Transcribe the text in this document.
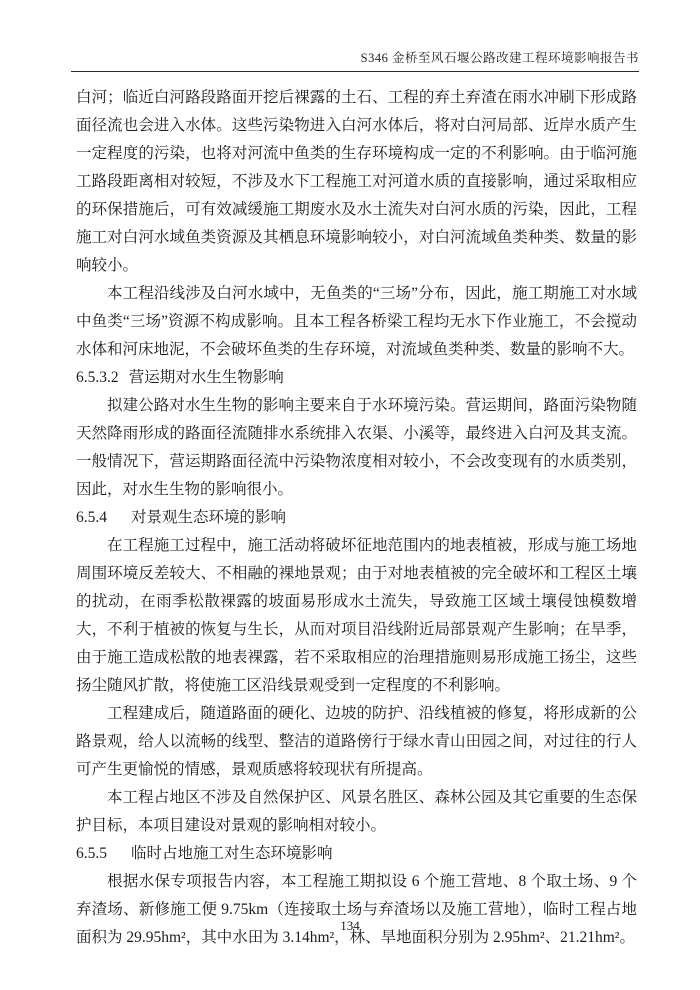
S346 金桥至风石堰公路改建工程环境影响报告书

白河；临近白河路段路面开挖后裸露的土石、工程的弃土弃渣在雨水冲刷下形成路面径流也会进入水体。这些污染物进入白河水体后，将对白河局部、近岸水质产生一定程度的污染，也将对河流中鱼类的生存环境构成一定的不利影响。由于临河施工路段距离相对较短，不涉及水下工程施工对河道水质的直接影响，通过采取相应的环保措施后，可有效减缓施工期废水及水土流失对白河水质的污染，因此，工程施工对白河水域鱼类资源及其栖息环境影响较小，对白河流域鱼类种类、数量的影响较小。

本工程沿线涉及白河水域中，无鱼类的“三场”分布，因此，施工期施工对水域中鱼类“三场”资源不构成影响。且本工程各桥梁工程均无水下作业施工，不会搅动水体和河床地泥，不会破坏鱼类的生存环境，对流域鱼类种类、数量的影响不大。

6.5.3.2 营运期对水生生物影响

拟建公路对水生生物的影响主要来自于水环境污染。营运期间，路面污染物随天然降雨形成的路面径流随排水系统排入农渠、小溪等，最终进入白河及其支流。一般情况下，营运期路面径流中污染物浓度相对较小，不会改变现有的水质类别，因此，对水生生物的影响很小。

6.5.4 对景观生态环境的影响

在工程施工过程中，施工活动将破坏征地范围内的地表植被，形成与施工场地周围环境反差较大、不相融的裸地景观；由于对地表植被的完全破坏和工程区土壤的扰动，在雨季松散裸露的坡面易形成水土流失，导致施工区域土壤侵蚀模数增大，不利于植被的恢复与生长，从而对项目沿线附近局部景观产生影响；在旱季，由于施工造成松散的地表裸露，若不采取相应的治理措施则易形成施工扬尘，这些扬尘随风扩散，将使施工区沿线景观受到一定程度的不利影响。

工程建成后，随道路面的硬化、边坡的防护、沿线植被的修复，将形成新的公路景观，给人以流畅的线型、整洁的道路傍行于绿水青山田园之间，对过往的行人可产生更愉悦的情感，景观质感将较现状有所提高。

本工程占地区不涉及自然保护区、风景名胜区、森林公园及其它重要的生态保护目标，本项目建设对景观的影响相对较小。

6.5.5 临时占地施工对生态环境影响

根据水保专项报告内容，本工程施工期拟设 6 个施工营地、8 个取土场、9 个弃渣场、新修施工便 9.75km（连接取土场与弃渣场以及施工营地），临时工程占地面积为 29.95hm²，其中水田为 3.14hm²，林、旱地面积分别为 2.95hm²、21.21hm²。

134
